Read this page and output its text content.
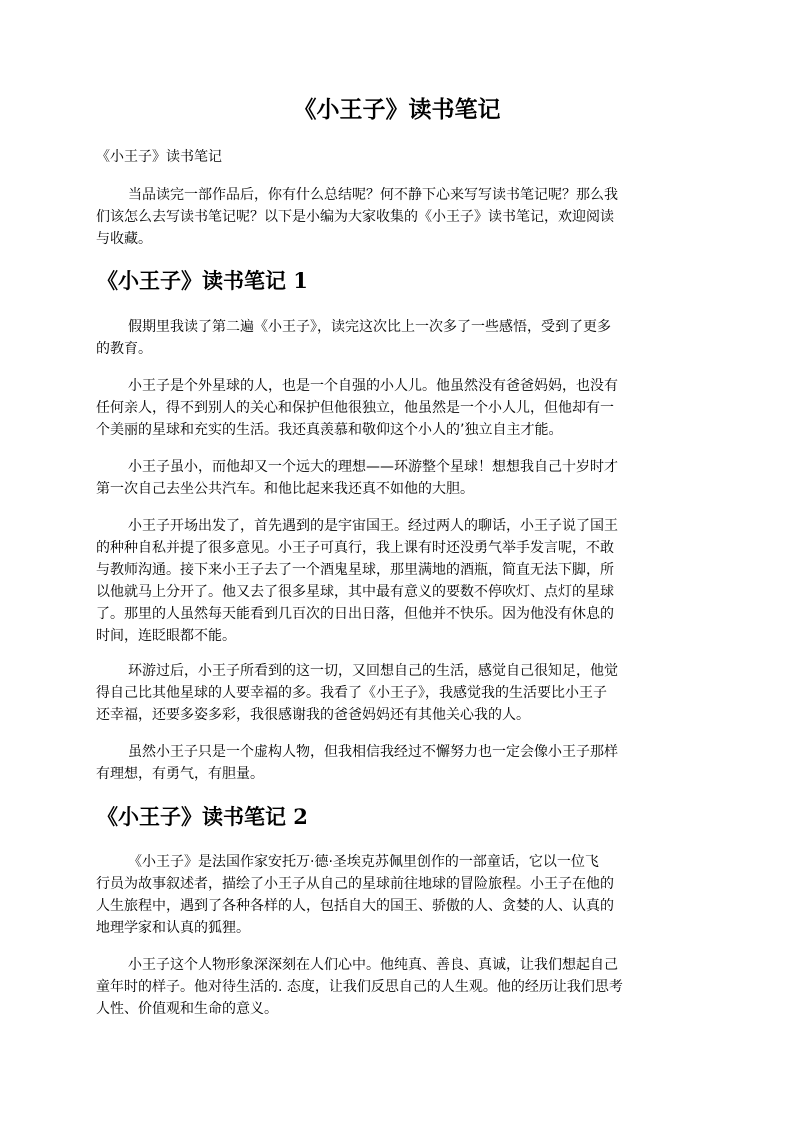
《小王子》读书笔记

《小王子》读书笔记

当品读完一部作品后，你有什么总结呢？何不静下心来写写读书笔记呢？那么我
们该怎么去写读书笔记呢？以下是小编为大家收集的《小王子》读书笔记，欢迎阅读
与收藏。
《小王子》读书笔记 1
假期里我读了第二遍《小王子》，读完这次比上一次多了一些感悟，受到了更多
的教育。
小王子是个外星球的人，也是一个自强的小人儿。他虽然没有爸爸妈妈，也没有
任何亲人，得不到别人的关心和保护但他很独立，他虽然是一个小人儿，但他却有一
个美丽的星球和充实的生活。我还真羡慕和敬仰这个小人的’独立自主才能。
小王子虽小，而他却又一个远大的理想——环游整个星球！想想我自己十岁时才
第一次自己去坐公共汽车。和他比起来我还真不如他的大胆。
小王子开场出发了，首先遇到的是宇宙国王。经过两人的聊话，小王子说了国王
的种种自私并提了很多意见。小王子可真行，我上课有时还没勇气举手发言呢，不敢
与教师沟通。接下来小王子去了一个酒鬼星球，那里满地的酒瓶，简直无法下脚，所
以他就马上分开了。他又去了很多星球，其中最有意义的要数不停吹灯、点灯的星球
了。那里的人虽然每天能看到几百次的日出日落，但他并不快乐。因为他没有休息的
时间，连眨眼都不能。
环游过后，小王子所看到的这一切，又回想自己的生活，感觉自己很知足，他觉
得自己比其他星球的人要幸福的多。我看了《小王子》，我感觉我的生活要比小王子
还幸福，还要多姿多彩，我很感谢我的爸爸妈妈还有其他关心我的人。
虽然小王子只是一个虚构人物，但我相信我经过不懈努力也一定会像小王子那样
有理想，有勇气，有胆量。
《小王子》读书笔记 2
《小王子》是法国作家安托万·德·圣埃克苏佩里创作的一部童话，它以一位飞
行员为故事叙述者，描绘了小王子从自己的星球前往地球的冒险旅程。小王子在他的
人生旅程中，遇到了各种各样的人，包括自大的国王、骄傲的人、贪婪的人、认真的
地理学家和认真的狐狸。
小王子这个人物形象深深刻在人们心中。他纯真、善良、真诚，让我们想起自己
童年时的样子。他对待生活的. 态度，让我们反思自己的人生观。他的经历让我们思考
人性、价值观和生命的意义。
